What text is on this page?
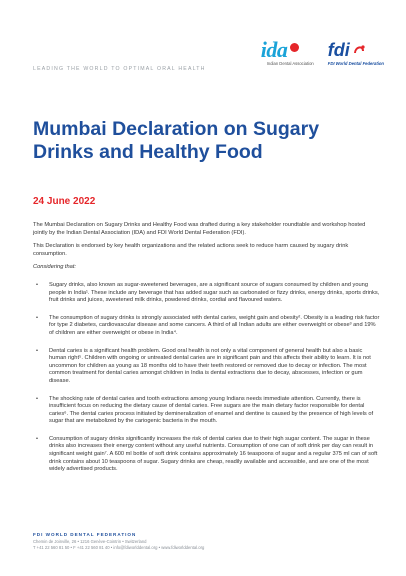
LEADING THE WORLD TO OPTIMAL ORAL HEALTH
ida
Indian Dental Association
fdi
FDI World Dental Federation
Mumbai Declaration on Sugary Drinks and Healthy Food
24 June 2022

The Mumbai Declaration on Sugary Drinks and Healthy Food was drafted during a key stakeholder roundtable and workshop hosted jointly by the Indian Dental Association (IDA) and FDI World Dental Federation (FDI).

This Declaration is endorsed by key health organizations and the related actions seek to reduce harm caused by sugary drink consumption.

Considering that:

• Sugary drinks, also known as sugar-sweetened beverages, are a significant source of sugars consumed by children and young people in India¹. These include any beverage that has added sugar such as carbonated or fizzy drinks, energy drinks, sports drinks, fruit drinks and juices, sweetened milk drinks, powdered drinks, cordial and flavoured waters.
• The consumption of sugary drinks is strongly associated with dental caries, weight gain and obesity². Obesity is a leading risk factor for type 2 diabetes, cardiovascular disease and some cancers. A third of all Indian adults are either overweight or obese³ and 19% of children are either overweight or obese in India⁴.
• Dental caries is a significant health problem. Good oral health is not only a vital component of general health but also a basic human right⁵. Children with ongoing or untreated dental caries are in significant pain and this affects their ability to learn. It is not uncommon for children as young as 18 months old to have their teeth restored or removed due to decay or infection. The most common treatment for dental caries amongst children in India is dental extractions due to decay, abscesses, infection or gum disease.
• The shocking rate of dental caries and tooth extractions among young Indians needs immediate attention. Currently, there is insufficient focus on reducing the dietary cause of dental caries. Free sugars are the main dietary factor responsible for dental caries⁶. The dental caries process initiated by demineralization of enamel and dentine is caused by the presence of high levels of sugar that are metabolized by the cariogenic bacteria in the mouth.
• Consumption of sugary drinks significantly increases the risk of dental caries due to their high sugar content. The sugar in these drinks also increases their energy content without any useful nutrients. Consumption of one can of soft drink per day can result in significant weight gain⁷. A 600 ml bottle of soft drink contains approximately 16 teaspoons of sugar and a regular 375 ml can of soft drink contains about 10 teaspoons of sugar. Sugary drinks are cheap, readily available and accessible, and are one of the most widely advertised products.
FDI WORLD DENTAL FEDERATION
Chemin de Joinville, 26 • 1216 Genève-Cointrin • Switzerland
T +41 22 560 81 50 • F +41 22 560 81 40 • info@fdiworlddental.org • www.fdiworlddental.org
